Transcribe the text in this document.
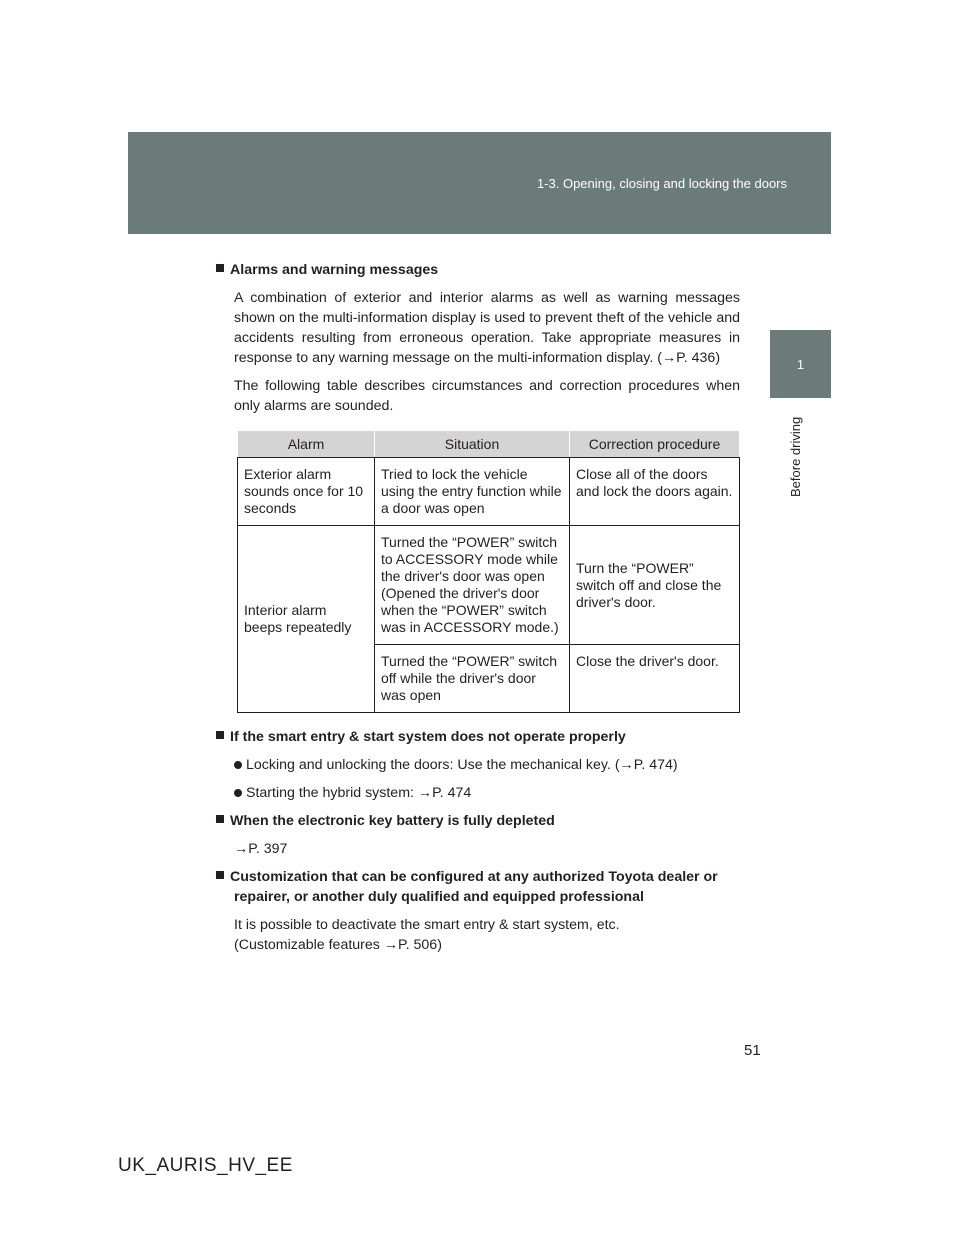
1-3. Opening, closing and locking the doors
1
Before driving
Alarms and warning messages

A combination of exterior and interior alarms as well as warning messages shown on the multi-information display is used to prevent theft of the vehicle and accidents resulting from erroneous operation. Take appropriate measures in response to any warning message on the multi-information display. (→P. 436)

The following table describes circumstances and correction procedures when only alarms are sounded.

Alarm	Situation	Correction procedure
Exterior alarm sounds once for 10 seconds	Tried to lock the vehicle using the entry function while a door was open	Close all of the doors and lock the doors again.
Interior alarm beeps repeatedly	Turned the “POWER” switch to ACCESSORY mode while the driver's door was open (Opened the driver's door when the “POWER” switch was in ACCESSORY mode.)	Turn the “POWER” switch off and close the driver's door.
	Turned the “POWER” switch off while the driver's door was open	Close the driver's door.
If the smart entry & start system does not operate properly
Locking and unlocking the doors: Use the mechanical key. (→P. 474)
Starting the hybrid system: →P. 474
When the electronic key battery is fully depleted

→P. 397

Customization that can be configured at any authorized Toyota dealer or repairer, or another duly qualified and equipped professional

It is possible to deactivate the smart entry & start system, etc.

(Customizable features →P. 506)

51
UK_AURIS_HV_EE
